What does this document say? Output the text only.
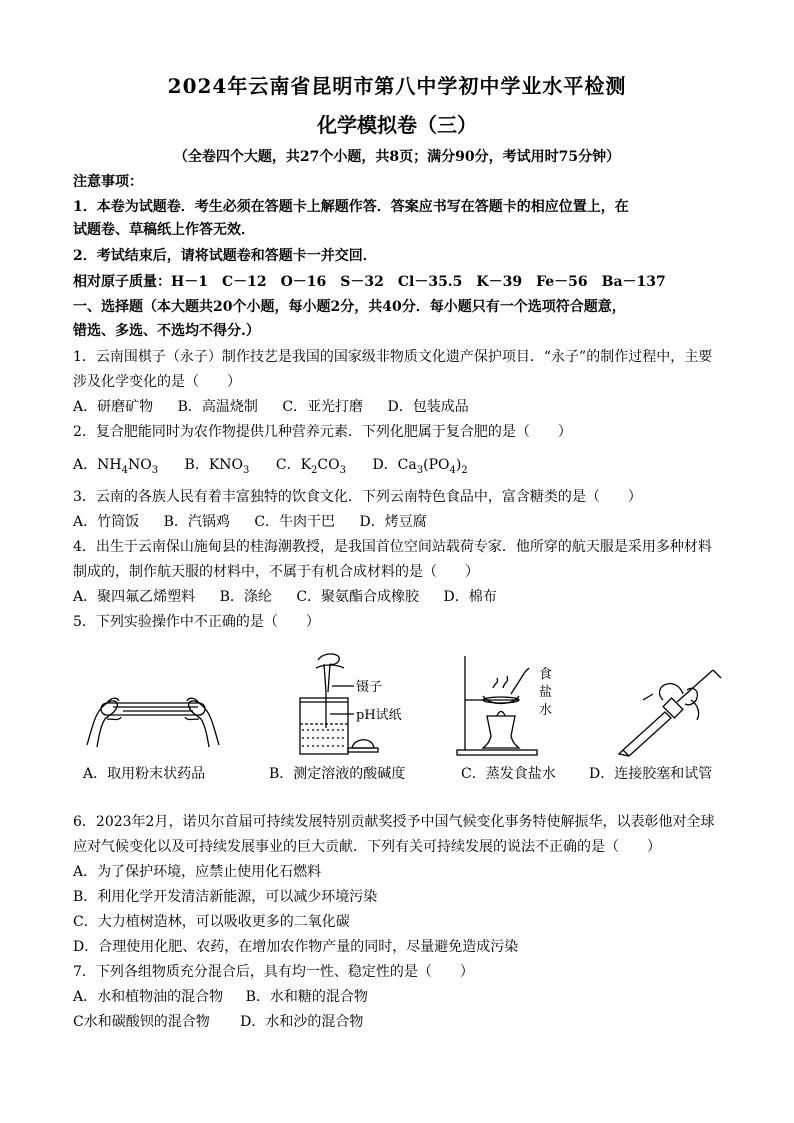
2024年云南省昆明市第八中学初中学业水平检测
化学模拟卷（三）
（全卷四个大题，共27个小题，共8页；满分90分，考试用时75分钟）
注意事项：
1．本卷为试题卷．考生必须在答题卡上解题作答．答案应书写在答题卡的相应位置上，在
试题卷、草稿纸上作答无效．
2．考试结束后，请将试题卷和答题卡一并交回．
相对原子质量：H－1　C－12　O－16　S－32　Cl－35.5　K－39　Fe－56　Ba－137
一、选择题（本大题共20个小题，每小题2分，共40分．每小题只有一个选项符合题意，
错选、多选、不选均不得分.）
1．云南围棋子（永子）制作技艺是我国的国家级非物质文化遗产保护项目．“永子”的制作过程中，主要
涉及化学变化的是（　　）
A．研磨矿物 B．高温烧制 C．亚光打磨 D．包装成品
2．复合肥能同时为农作物提供几种营养元素．下列化肥属于复合肥的是（　　）
A．$NH_4NO_3$ B．$KNO_3$ C．$K_2CO_3$ D．$Ca_3(PO_4)_2$
3．云南的各族人民有着丰富独特的饮食文化．下列云南特色食品中，富含糖类的是（　　）
A．竹筒饭 B．汽锅鸡 C．牛肉干巴 D．烤豆腐
4．出生于云南保山施甸县的桂海潮教授，是我国首位空间站载荷专家．他所穿的航天服是采用多种材料
制成的，制作航天服的材料中，不属于有机合成材料的是（　　）
A．聚四氟乙烯塑料 B．涤纶 C．聚氨酯合成橡胶 D．棉布
5．下列实验操作中不正确的是（　　）
镊子
pH试纸
食
盐
水
A．取用粉末状药品	B．测定溶液的酸碱度	C．蒸发食盐水 D．连接胶塞和试管
6．2023年2月，诺贝尔首届可持续发展特别贡献奖授予中国气候变化事务特使解振华，以表彰他对全球
应对气候变化以及可持续发展事业的巨大贡献．下列有关可持续发展的说法不正确的是（　　）
A．为了保护环境，应禁止使用化石燃料
B．利用化学开发清洁新能源，可以减少环境污染
C．大力植树造林，可以吸收更多的二氧化碳
D．合理使用化肥、农药，在增加农作物产量的同时，尽量避免造成污染
7．下列各组物质充分混合后，具有均一性、稳定性的是（　　）
A．水和植物油的混合物 B．水和糖的混合物
C水和碳酸钡的混合物 D．水和沙的混合物
